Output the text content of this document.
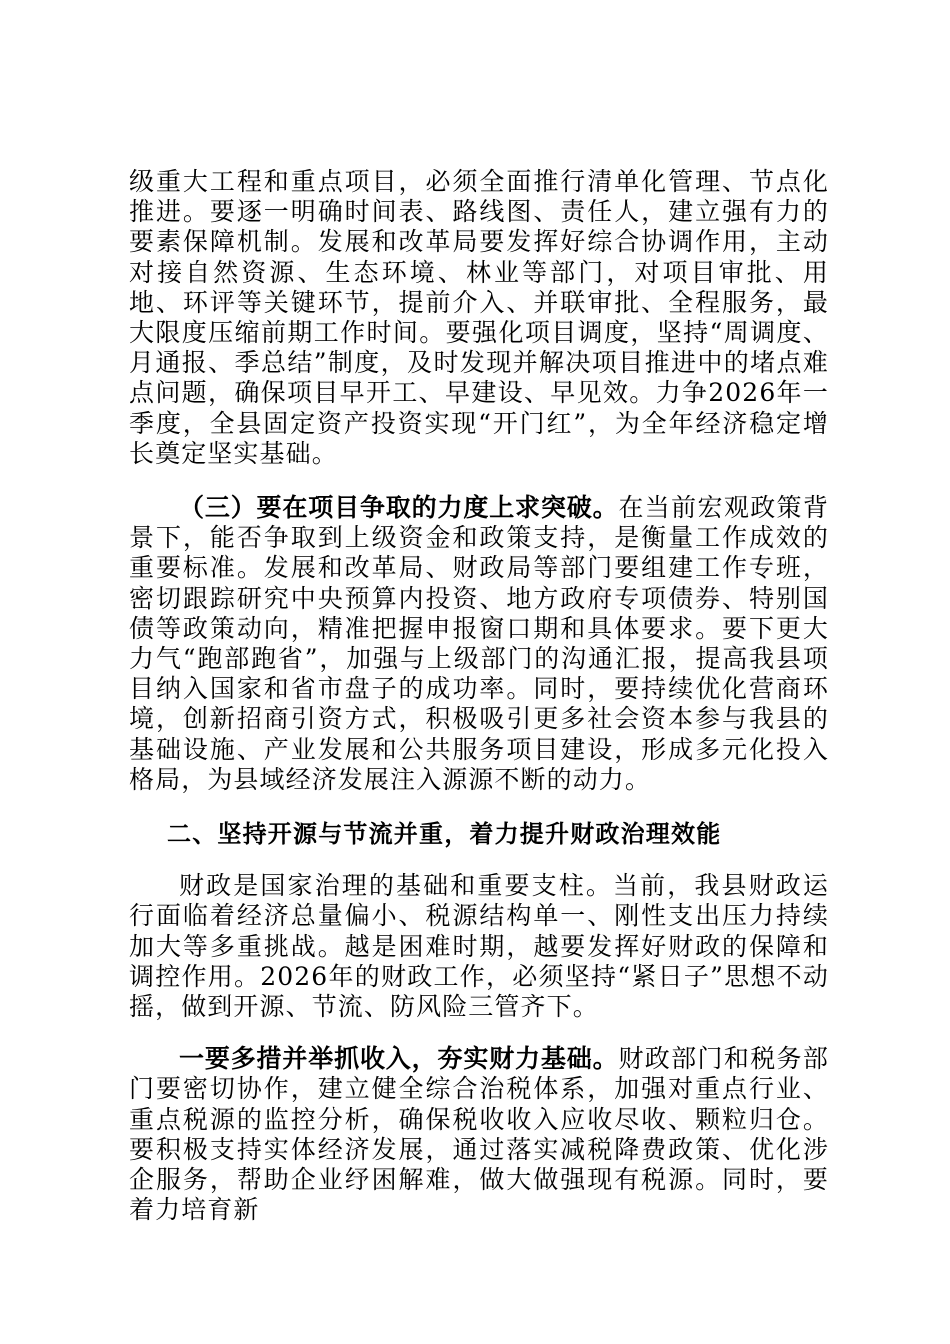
级重大工程和重点项目，必须全面推行清单化管理、节点化推进。要逐一明确时间表、路线图、责任人，建立强有力的要素保障机制。发展和改革局要发挥好综合协调作用，主动对接自然资源、生态环境、林业等部门，对项目审批、用地、环评等关键环节，提前介入、并联审批、全程服务，最大限度压缩前期工作时间。要强化项目调度，坚持“周调度、月通报、季总结”制度，及时发现并解决项目推进中的堵点难点问题，确保项目早开工、早建设、早见效。力争2026年一季度，全县固定资产投资实现“开门红”，为全年经济稳定增长奠定坚实基础。

（三）要在项目争取的力度上求突破。在当前宏观政策背景下，能否争取到上级资金和政策支持，是衡量工作成效的重要标准。发展和改革局、财政局等部门要组建工作专班，密切跟踪研究中央预算内投资、地方政府专项债券、特别国债等政策动向，精准把握申报窗口期和具体要求。要下更大力气“跑部跑省”，加强与上级部门的沟通汇报，提高我县项目纳入国家和省市盘子的成功率。同时，要持续优化营商环境，创新招商引资方式，积极吸引更多社会资本参与我县的基础设施、产业发展和公共服务项目建设，形成多元化投入格局，为县域经济发展注入源源不断的动力。

二、坚持开源与节流并重，着力提升财政治理效能

财政是国家治理的基础和重要支柱。当前，我县财政运行面临着经济总量偏小、税源结构单一、刚性支出压力持续加大等多重挑战。越是困难时期，越要发挥好财政的保障和调控作用。2026年的财政工作，必须坚持“紧日子”思想不动摇，做到开源、节流、防风险三管齐下。

一要多措并举抓收入，夯实财力基础。财政部门和税务部门要密切协作，建立健全综合治税体系，加强对重点行业、重点税源的监控分析，确保税收收入应收尽收、颗粒归仓。要积极支持实体经济发展，通过落实减税降费政策、优化涉企服务，帮助企业纾困解难，做大做强现有税源。同时，要着力培育新
